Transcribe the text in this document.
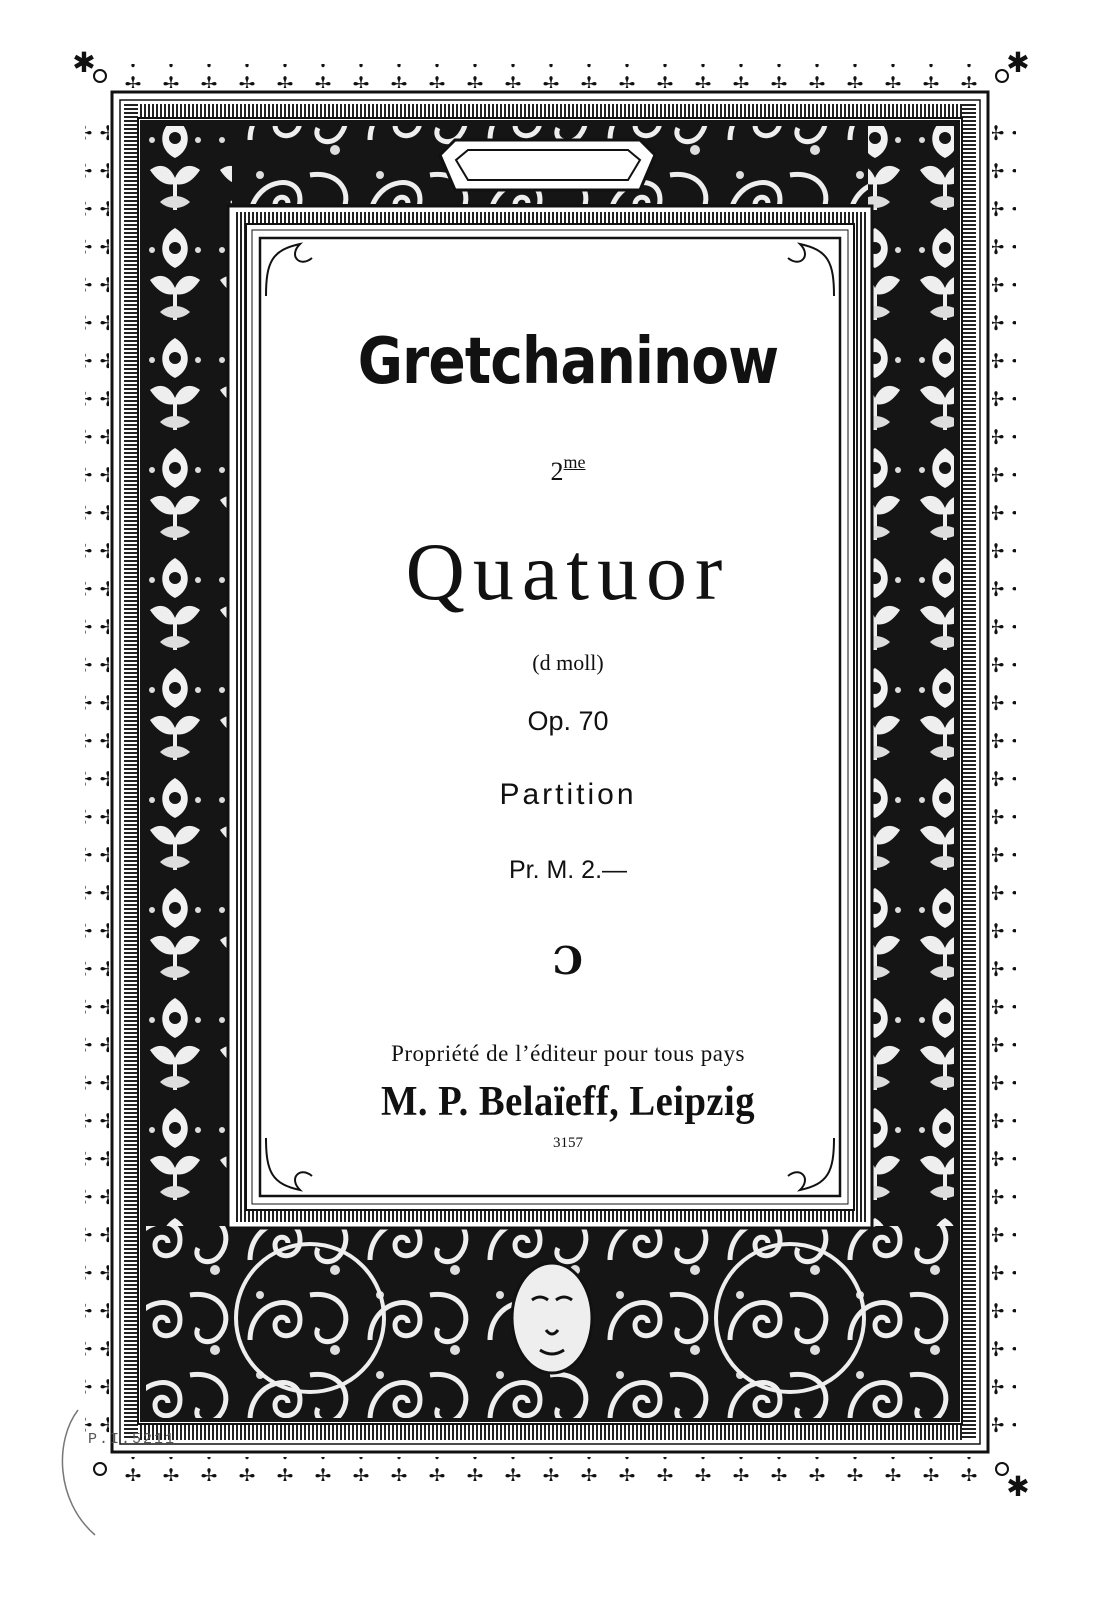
✱
✱
✱
Gretchaninow
$2^{me}$
Quatuor
(d moll)
Op. 70
Partition
Pr. M. 2.—
Ɔ
Propriété de l’éditeur pour tous pays
M. P. Belaïeff, Leipzig
3157
P.I.5211
